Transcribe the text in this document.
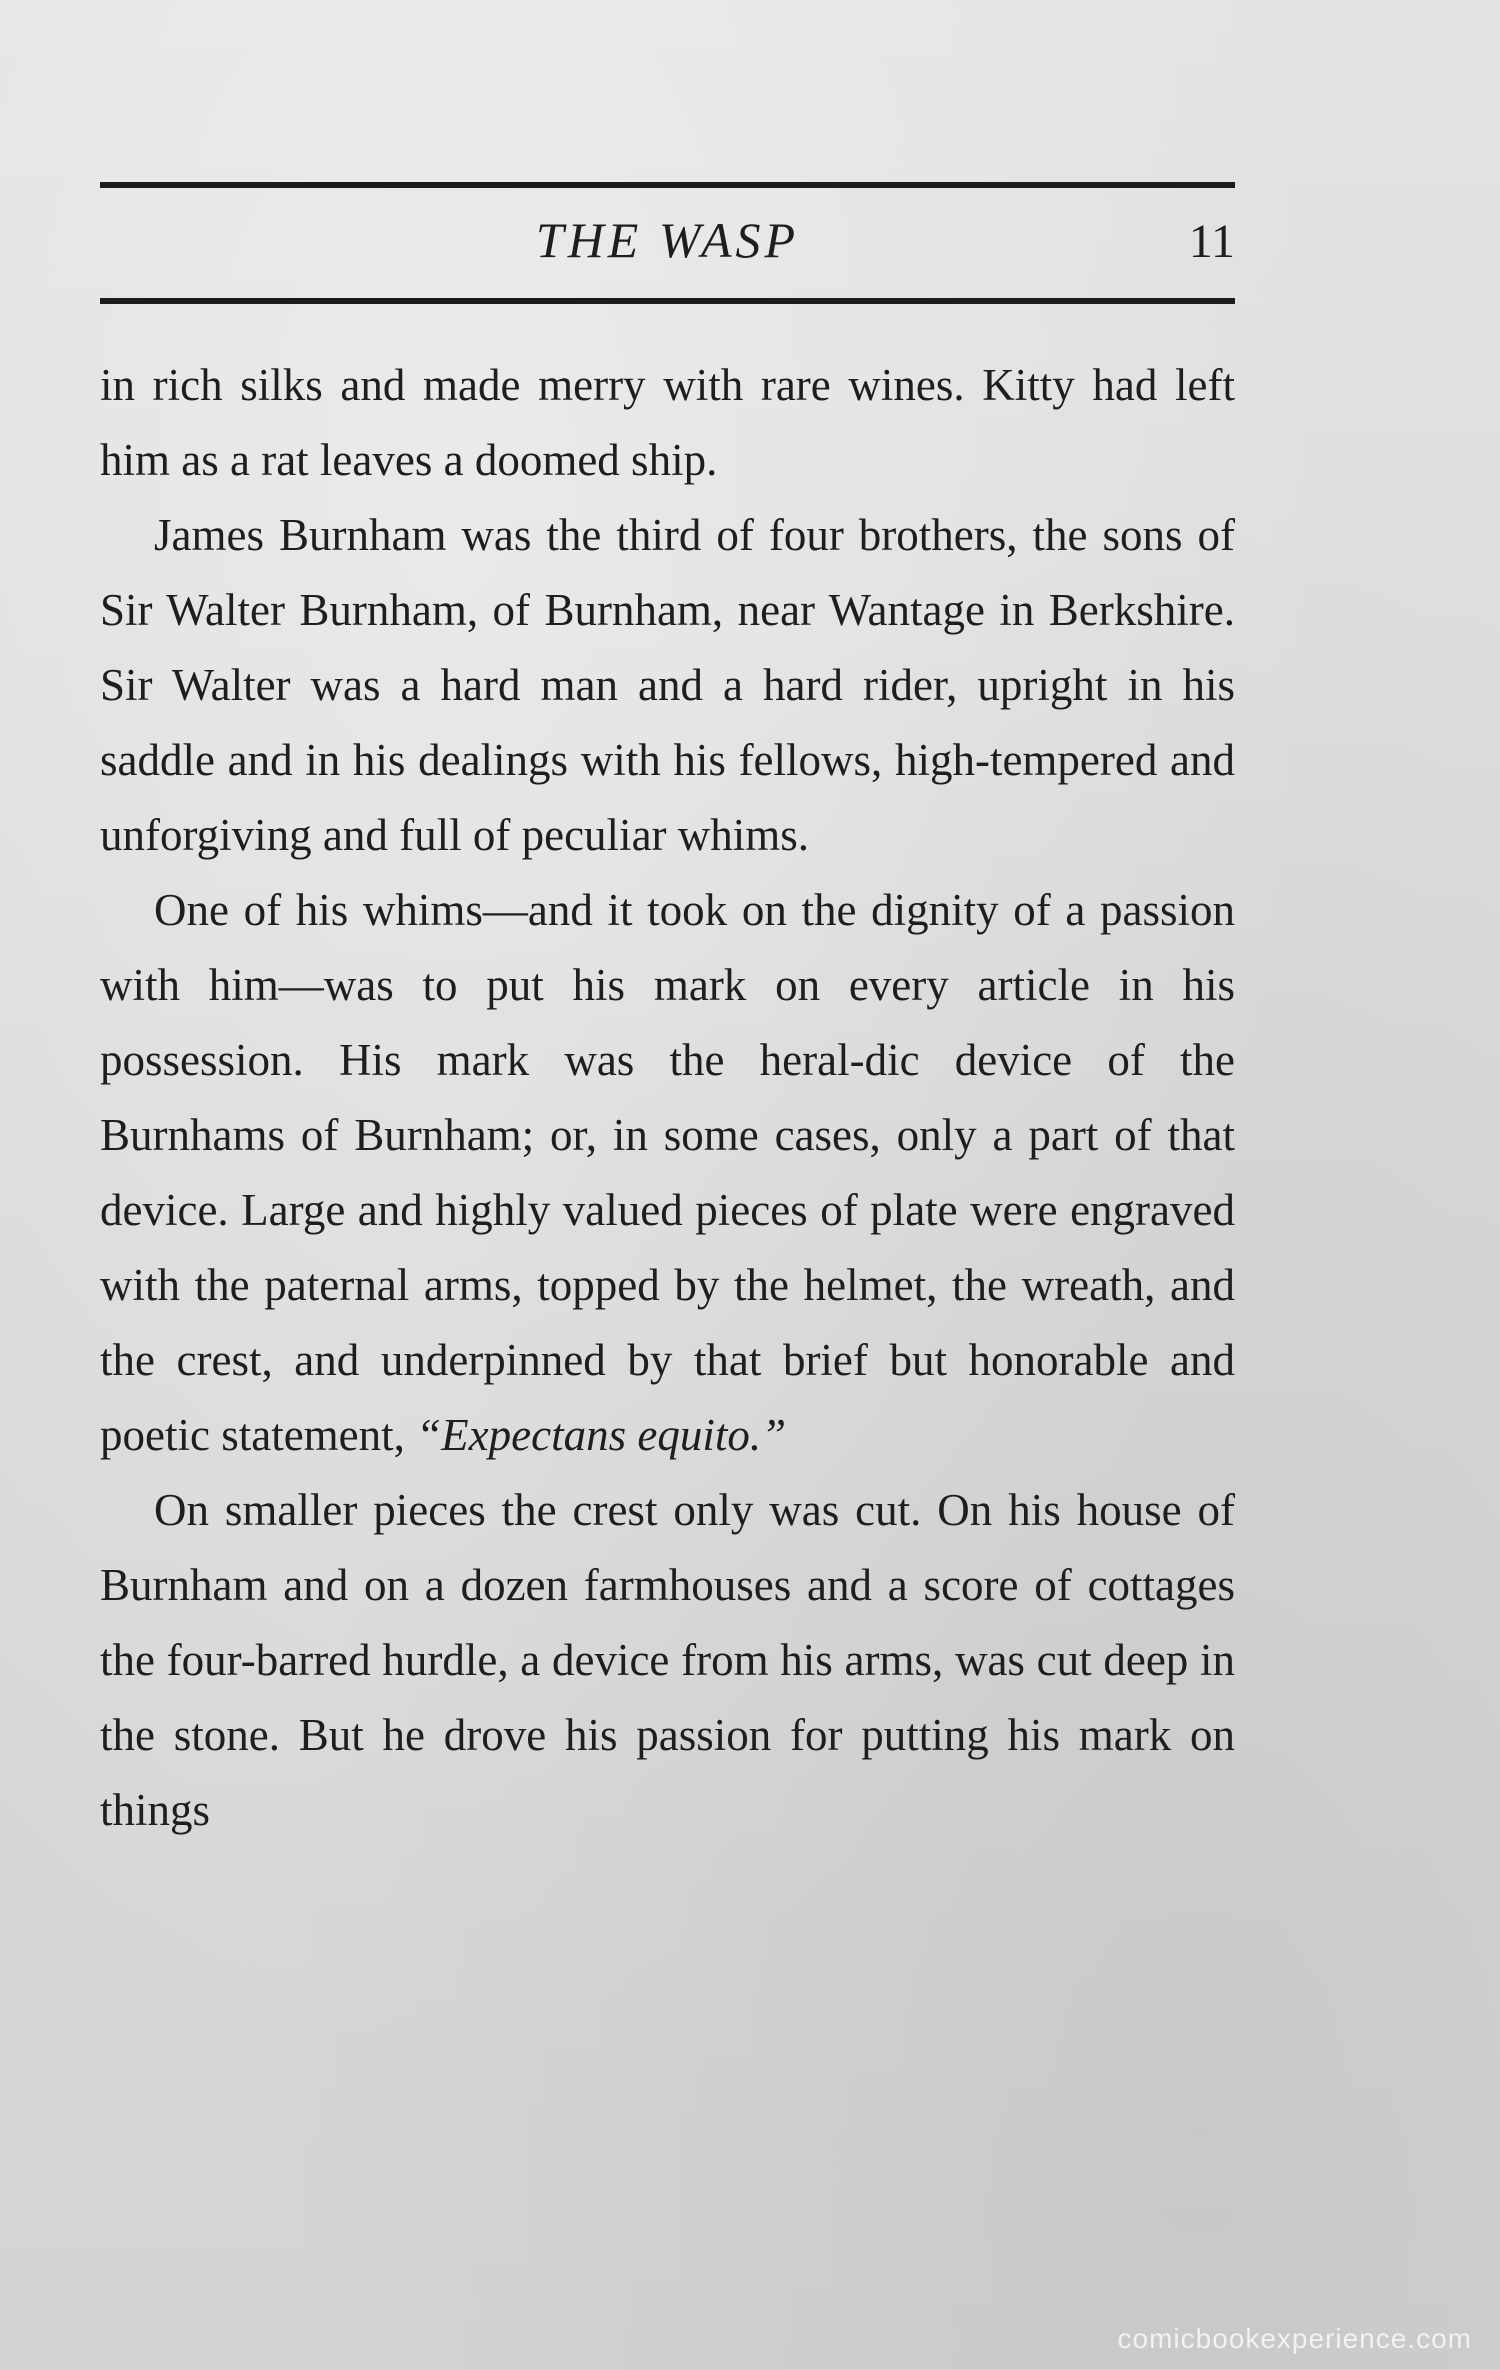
THE WASP	11

in rich silks and made merry with rare wines. Kitty had left him as a rat leaves a doomed ship.

James Burnham was the third of four brothers, the sons of Sir Walter Burnham, of Burnham, near Wantage in Berkshire. Sir Walter was a hard man and a hard rider, upright in his saddle and in his dealings with his fellows, high-tempered and unforgiving and full of peculiar whims.

One of his whims—and it took on the dignity of a passion with him—was to put his mark on every article in his possession. His mark was the heral-dic device of the Burnhams of Burnham; or, in some cases, only a part of that device. Large and highly valued pieces of plate were engraved with the paternal arms, topped by the helmet, the wreath, and the crest, and underpinned by that brief but honorable and poetic statement, “Expectans equito.”

On smaller pieces the crest only was cut. On his house of Burnham and on a dozen farmhouses and a score of cottages the four-barred hurdle, a device from his arms, was cut deep in the stone. But he drove his passion for putting his mark on things

comicbookexperience.com
